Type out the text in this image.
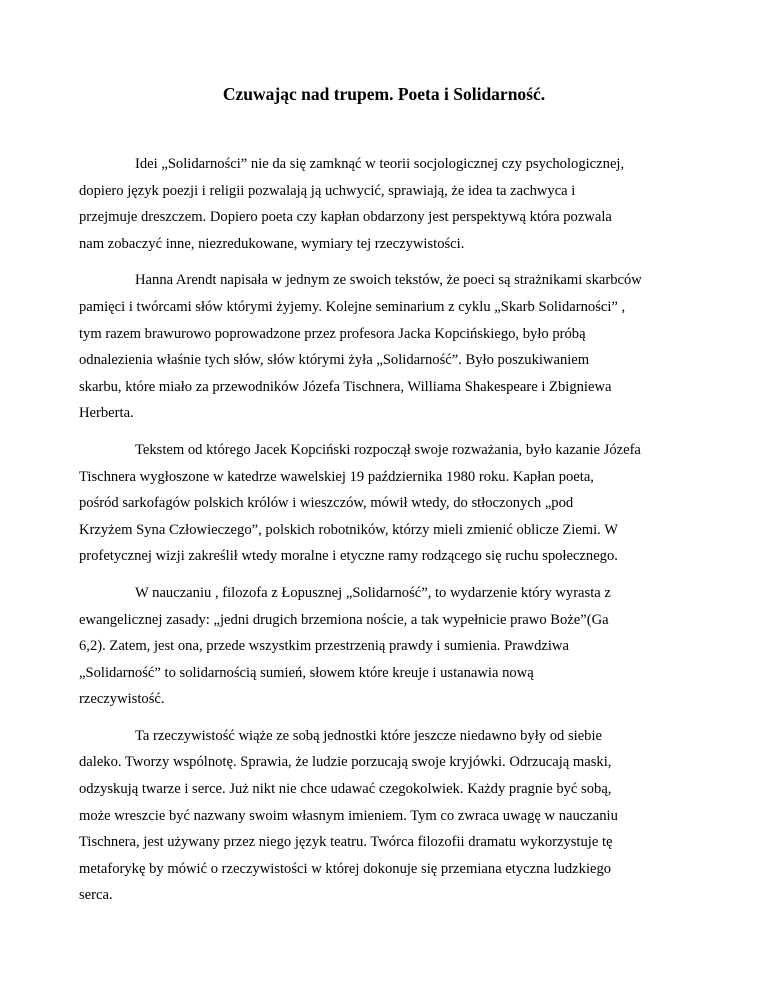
Czuwając nad trupem. Poeta i Solidarność.

Idei „Solidarności” nie da się zamknąć w teorii socjologicznej czy psychologicznej,
dopiero język poezji i religii pozwalają ją uchwycić, sprawiają, że idea ta zachwyca i
przejmuje dreszczem. Dopiero poeta czy kapłan obdarzony jest perspektywą która pozwala
nam zobaczyć inne, niezredukowane, wymiary tej rzeczywistości.

Hanna Arendt napisała w jednym ze swoich tekstów, że poeci są strażnikami skarbców
pamięci i twórcami słów którymi żyjemy. Kolejne seminarium z cyklu „Skarb Solidarności” ,
tym razem brawurowo poprowadzone przez profesora Jacka Kopcińskiego, było próbą
odnalezienia właśnie tych słów, słów którymi żyła „Solidarność”. Było poszukiwaniem
skarbu, które miało za przewodników Józefa Tischnera, Williama Shakespeare i Zbigniewa
Herberta.

Tekstem od którego Jacek Kopciński rozpoczął swoje rozważania, było kazanie Józefa
Tischnera wygłoszone w katedrze wawelskiej 19 października 1980 roku. Kapłan poeta,
pośród sarkofagów polskich królów i wieszczów, mówił wtedy, do stłoczonych „pod
Krzyżem Syna Człowieczego”, polskich robotników, którzy mieli zmienić oblicze Ziemi. W
profetycznej wizji zakreślił wtedy moralne i etyczne ramy rodzącego się ruchu społecznego.

W nauczaniu , filozofa z Łopusznej „Solidarność”, to wydarzenie który wyrasta z
ewangelicznej zasady: „jedni drugich brzemiona noście, a tak wypełnicie prawo Boże”(Ga
6,2). Zatem, jest ona, przede wszystkim przestrzenią prawdy i sumienia. Prawdziwa
„Solidarność” to solidarnością sumień, słowem które kreuje i ustanawia nową
rzeczywistość.

Ta rzeczywistość wiąże ze sobą jednostki które jeszcze niedawno były od siebie
daleko. Tworzy wspólnotę. Sprawia, że ludzie porzucają swoje kryjówki. Odrzucają maski,
odzyskują twarze i serce. Już nikt nie chce udawać czegokolwiek. Każdy pragnie być sobą,
może wreszcie być nazwany swoim własnym imieniem. Tym co zwraca uwagę w nauczaniu
Tischnera, jest używany przez niego język teatru. Twórca filozofii dramatu wykorzystuje tę
metaforykę by mówić o rzeczywistości w której dokonuje się przemiana etyczna ludzkiego
serca.
